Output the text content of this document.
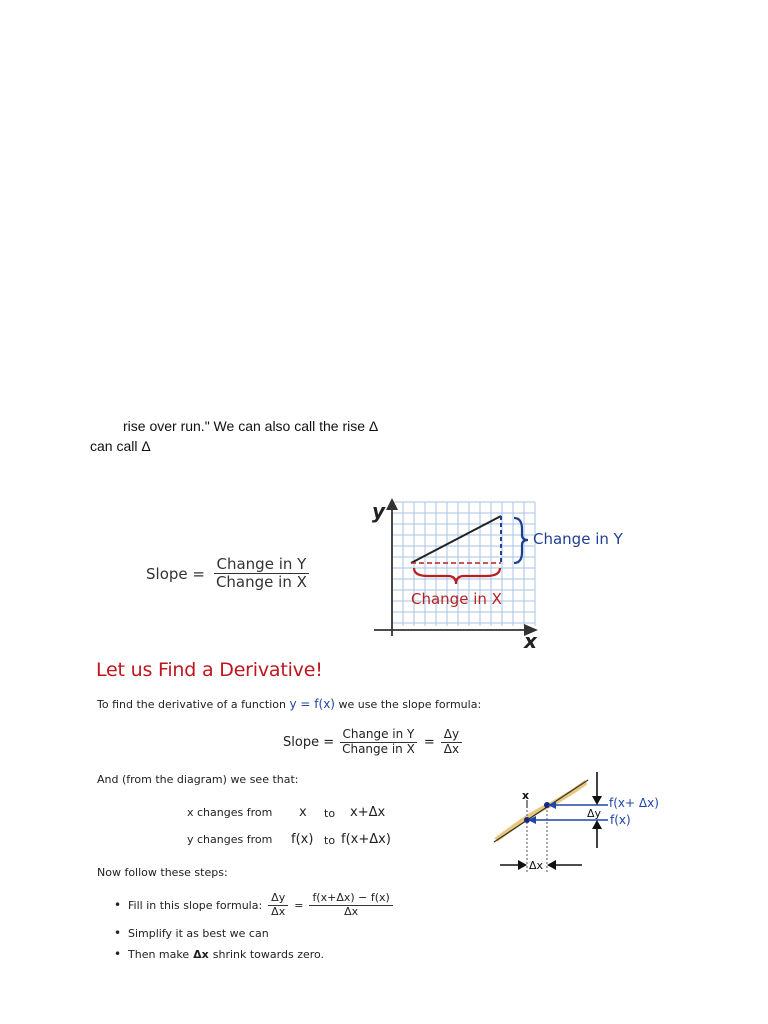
rise over run." We can also call the rise Δ
can call Δ
Slope = $\frac{\text{Change in Y}}{\text{Change in X}}$
y
x
Change in Y
Change in X
Let us Find a Derivative!
To find the derivative of a function y = f(x) we use the slope formula:
Slope = $\frac{\text{Change in Y}}{\text{Change in X}} = \frac{\Delta y}{\Delta x}$
And (from the diagram) we see that:
x changes from x to x+Δx
y changes from f(x) to f(x+Δx)
x
f(x+ Δx)
Δy f(x)
Δx
Now follow these steps:
• Fill in this slope formula: $\frac{\Delta y}{\Delta x} = \frac{f(x+\Delta x) - f(x)}{\Delta x}$
• Simplify it as best we can
• Then make Δx shrink towards zero.
